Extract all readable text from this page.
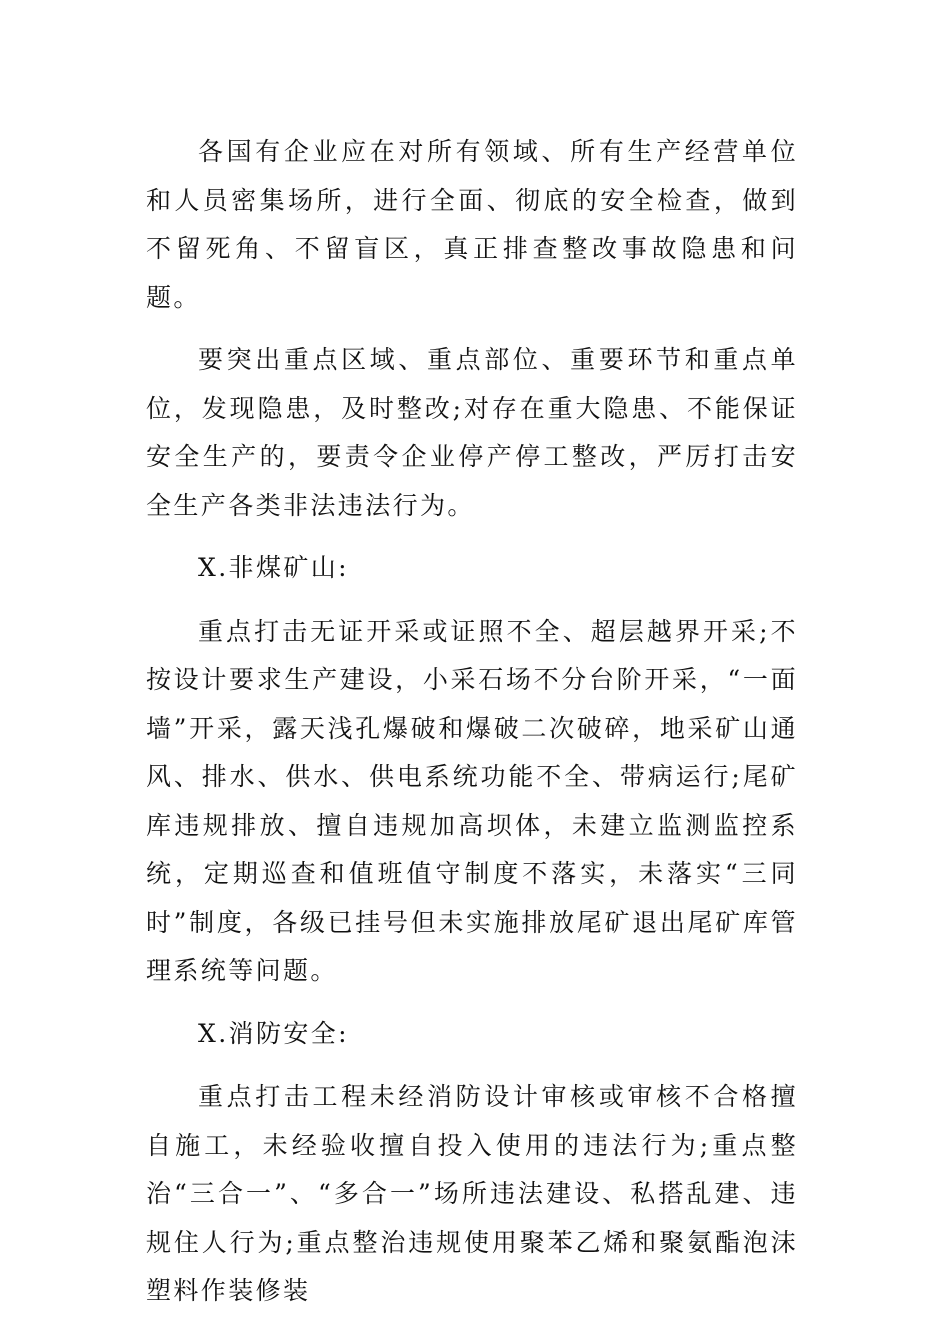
各国有企业应在对所有领域、所有生产经营单位和人员密集场所，进行全面、彻底的安全检查，做到不留死角、不留盲区，真正排查整改事故隐患和问题。

要突出重点区域、重点部位、重要环节和重点单位，发现隐患，及时整改;对存在重大隐患、不能保证安全生产的，要责令企业停产停工整改，严厉打击安全生产各类非法违法行为。

X.非煤矿山:

重点打击无证开采或证照不全、超层越界开采;不按设计要求生产建设，小采石场不分台阶开采，“一面墙”开采，露天浅孔爆破和爆破二次破碎，地采矿山通风、排水、供水、供电系统功能不全、带病运行;尾矿库违规排放、擅自违规加高坝体，未建立监测监控系统，定期巡查和值班值守制度不落实，未落实“三同时”制度，各级已挂号但未实施排放尾矿退出尾矿库管理系统等问题。

X.消防安全:

重点打击工程未经消防设计审核或审核不合格擅自施工，未经验收擅自投入使用的违法行为;重点整治“三合一”、“多合一”场所违法建设、私搭乱建、违规住人行为;重点整治违规使用聚苯乙烯和聚氨酯泡沫塑料作装修装
